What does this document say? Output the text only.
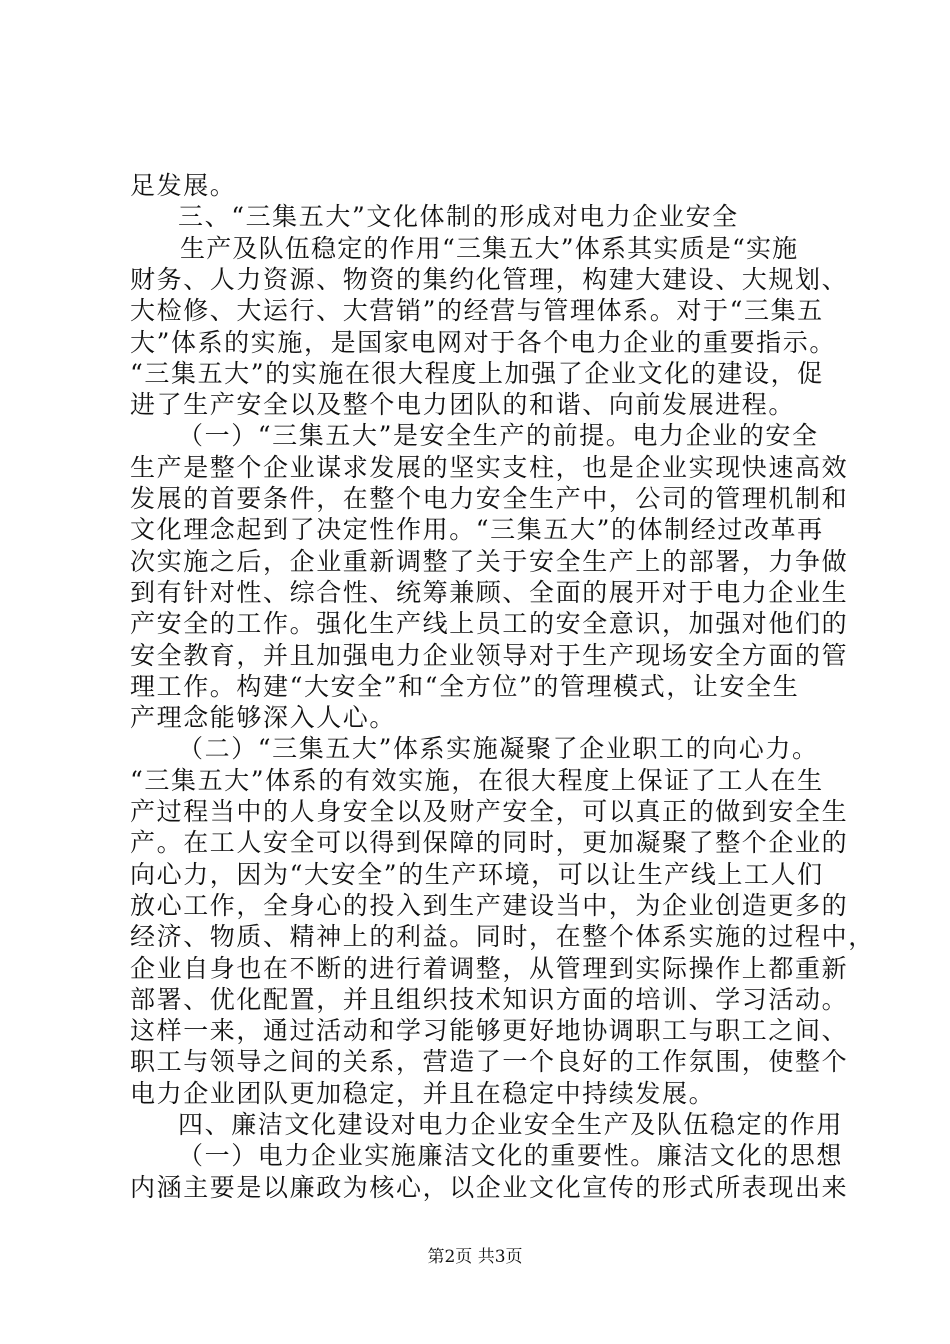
足发展。
三、“三集五大”文化体制的形成对电力企业安全
生产及队伍稳定的作用“三集五大”体系其实质是“实施
财务、人力资源、物资的集约化管理，构建大建设、大规划、
大检修、大运行、大营销”的经营与管理体系。对于“三集五
大”体系的实施，是国家电网对于各个电力企业的重要指示。
“三集五大”的实施在很大程度上加强了企业文化的建设，促
进了生产安全以及整个电力团队的和谐、向前发展进程。
（一）“三集五大”是安全生产的前提。电力企业的安全
生产是整个企业谋求发展的坚实支柱，也是企业实现快速高效
发展的首要条件，在整个电力安全生产中，公司的管理机制和
文化理念起到了决定性作用。“三集五大”的体制经过改革再
次实施之后，企业重新调整了关于安全生产上的部署，力争做
到有针对性、综合性、统筹兼顾、全面的展开对于电力企业生
产安全的工作。强化生产线上员工的安全意识，加强对他们的
安全教育，并且加强电力企业领导对于生产现场安全方面的管
理工作。构建“大安全”和“全方位”的管理模式，让安全生
产理念能够深入人心。
（二）“三集五大”体系实施凝聚了企业职工的向心力。
“三集五大”体系的有效实施，在很大程度上保证了工人在生
产过程当中的人身安全以及财产安全，可以真正的做到安全生
产。在工人安全可以得到保障的同时，更加凝聚了整个企业的
向心力，因为“大安全”的生产环境，可以让生产线上工人们
放心工作，全身心的投入到生产建设当中，为企业创造更多的
经济、物质、精神上的利益。同时，在整个体系实施的过程中，
企业自身也在不断的进行着调整，从管理到实际操作上都重新
部署、优化配置，并且组织技术知识方面的培训、学习活动。
这样一来，通过活动和学习能够更好地协调职工与职工之间、
职工与领导之间的关系，营造了一个良好的工作氛围，使整个
电力企业团队更加稳定，并且在稳定中持续发展。
四、廉洁文化建设对电力企业安全生产及队伍稳定的作用
（一）电力企业实施廉洁文化的重要性。廉洁文化的思想
内涵主要是以廉政为核心，以企业文化宣传的形式所表现出来
第2页 共3页
